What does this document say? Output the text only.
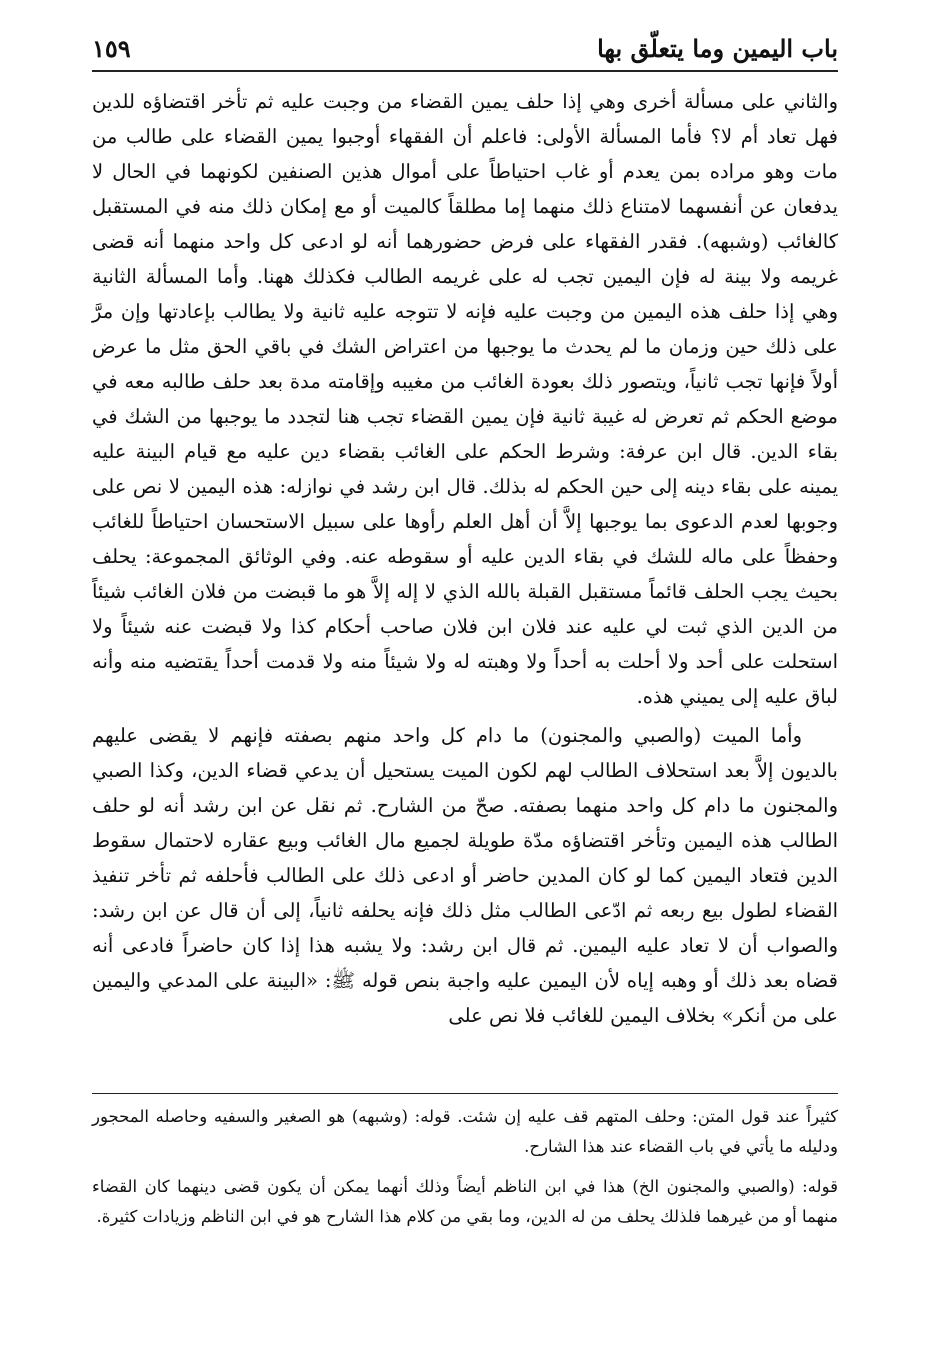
باب اليمين وما يتعلّق بها
١٥٩

والثاني على مسألة أخرى وهي إذا حلف يمين القضاء من وجبت عليه ثم تأخر اقتضاؤه للدين فهل تعاد أم لا؟ فأما المسألة الأولى: فاعلم أن الفقهاء أوجبوا يمين القضاء على طالب من مات وهو مراده بمن يعدم أو غاب احتياطاً على أموال هذين الصنفين لكونهما في الحال لا يدفعان عن أنفسهما لامتناع ذلك منهما إما مطلقاً كالميت أو مع إمكان ذلك منه في المستقبل كالغائب (وشبهه). فقدر الفقهاء على فرض حضورهما أنه لو ادعى كل واحد منهما أنه قضى غريمه ولا بينة له فإن اليمين تجب له على غريمه الطالب فكذلك ههنا. وأما المسألة الثانية وهي إذا حلف هذه اليمين من وجبت عليه فإنه لا تتوجه عليه ثانية ولا يطالب بإعادتها وإن مرَّ على ذلك حين وزمان ما لم يحدث ما يوجبها من اعتراض الشك في باقي الحق مثل ما عرض أولاً فإنها تجب ثانياً، ويتصور ذلك بعودة الغائب من مغيبه وإقامته مدة بعد حلف طالبه معه في موضع الحكم ثم تعرض له غيبة ثانية فإن يمين القضاء تجب هنا لتجدد ما يوجبها من الشك في بقاء الدين. قال ابن عرفة: وشرط الحكم على الغائب بقضاء دين عليه مع قيام البينة عليه يمينه على بقاء دينه إلى حين الحكم له بذلك. قال ابن رشد في نوازله: هذه اليمين لا نص على وجوبها لعدم الدعوى بما يوجبها إلاَّ أن أهل العلم رأوها على سبيل الاستحسان احتياطاً للغائب وحفظاً على ماله للشك في بقاء الدين عليه أو سقوطه عنه. وفي الوثائق المجموعة: يحلف بحيث يجب الحلف قائماً مستقبل القبلة بالله الذي لا إله إلاَّ هو ما قبضت من فلان الغائب شيئاً من الدين الذي ثبت لي عليه عند فلان ابن فلان صاحب أحكام كذا ولا قبضت عنه شيئاً ولا استحلت على أحد ولا أحلت به أحداً ولا وهبته له ولا شيئاً منه ولا قدمت أحداً يقتضيه منه وأنه لباق عليه إلى يميني هذه.

وأما الميت (والصبي والمجنون) ما دام كل واحد منهم بصفته فإنهم لا يقضى عليهم بالديون إلاَّ بعد استحلاف الطالب لهم لكون الميت يستحيل أن يدعي قضاء الدين، وكذا الصبي والمجنون ما دام كل واحد منهما بصفته. صحّ من الشارح. ثم نقل عن ابن رشد أنه لو حلف الطالب هذه اليمين وتأخر اقتضاؤه مدّة طويلة لجميع مال الغائب وبيع عقاره لاحتمال سقوط الدين فتعاد اليمين كما لو كان المدين حاضر أو ادعى ذلك على الطالب فأحلفه ثم تأخر تنفيذ القضاء لطول بيع ربعه ثم ادّعى الطالب مثل ذلك فإنه يحلفه ثانياً، إلى أن قال عن ابن رشد: والصواب أن لا تعاد عليه اليمين. ثم قال ابن رشد: ولا يشبه هذا إذا كان حاضراً فادعى أنه قضاه بعد ذلك أو وهبه إياه لأن اليمين عليه واجبة بنص قوله ﷺ: «البينة على المدعي واليمين على من أنكر» بخلاف اليمين للغائب فلا نص على

كثيراً عند قول المتن: وحلف المتهم قف عليه إن شئت. قوله: (وشبهه) هو الصغير والسفيه وحاصله المحجور ودليله ما يأتي في باب القضاء عند هذا الشارح.

قوله: (والصبي والمجنون الخ) هذا في ابن الناظم أيضاً وذلك أنهما يمكن أن يكون قضى دينهما كان القضاء منهما أو من غيرهما فلذلك يحلف من له الدين، وما بقي من كلام هذا الشارح هو في ابن الناظم وزيادات كثيرة.
